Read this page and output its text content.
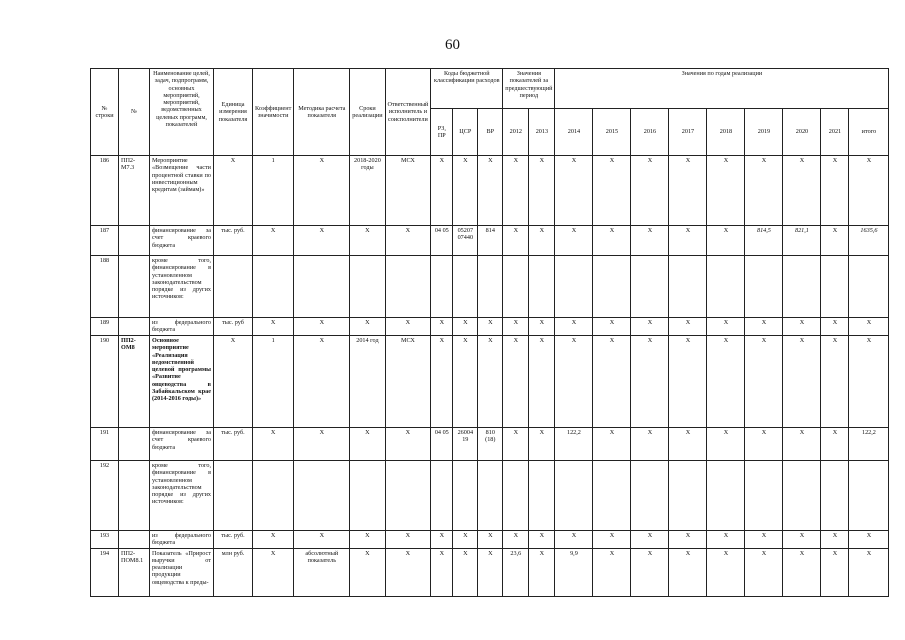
60
№ строки	№	Наименование целей, задач, подпрограмм, основных мероприятий, мероприятий, ведомственных целевых программ, показателей	Единица измерения показателя	Коэффициент значимости	Методика расчета показателя	Сроки реализации	Ответственный исполнитель и соисполнители	Коды бюджетной классификации расходов			Значения показателей за предшествующий период		Значения по годам реализации								
								РЗ, ПР	ЦСР	ВР	2012	2013	2014	2015	2016	2017	2018	2019	2020	2021	итого
186	ПП2-М7.3	Мероприятие «Возмещение части процентной ставки по инвестиционным кредитам (займам)»	Х	1	Х	2018-2020 годы	МСХ	Х	Х	Х	Х	Х	Х	Х	Х	Х	Х	Х	Х	Х	Х
187		финансирование за счет краевого бюджета	тыс. руб.	Х	Х	Х	Х	04 05	05207 07440	814	Х	Х	Х	Х	Х	Х	Х	814,5	821,1	Х	1635,6
188		кроме того, финансирование в установленном законодательством порядке из других источников:																			
189		из федерального бюджета	тыс. руб	Х	Х	Х	Х	Х	Х	Х	Х	Х	Х	Х	Х	Х	Х	Х	Х	Х	Х
190	ПП2-ОМ8	Основное мероприятие «Реализация ведомственной целевой программы «Развитие овцеводства в Забайкальском крае (2014-2016 годы)»	Х	1	Х	2014 год	МСХ	Х	Х	Х	Х	Х	Х	Х	Х	Х	Х	Х	Х	Х	Х
191		финансирование за счет краевого бюджета	тыс. руб.	Х	Х	Х	Х	04 05	26004 19	810 (18)	Х	Х	122,2	Х	Х	Х	Х	Х	Х	Х	122,2
192		кроме того, финансирование в установленном законодательством порядке из других источников:																			
193		из федерального бюджета	тыс. руб.	Х	Х	Х	Х	Х	Х	Х	Х	Х	Х	Х	Х	Х	Х	Х	Х	Х	Х
194	ПП2-ПОМ8.1	Показатель «Прирост выручки от реализации продукции овцеводства к преды-	млн руб.	Х	абсолютный показатель	Х	Х	Х	Х	Х	23,6	Х	9,9	Х	Х	Х	Х	Х	Х	Х	Х
